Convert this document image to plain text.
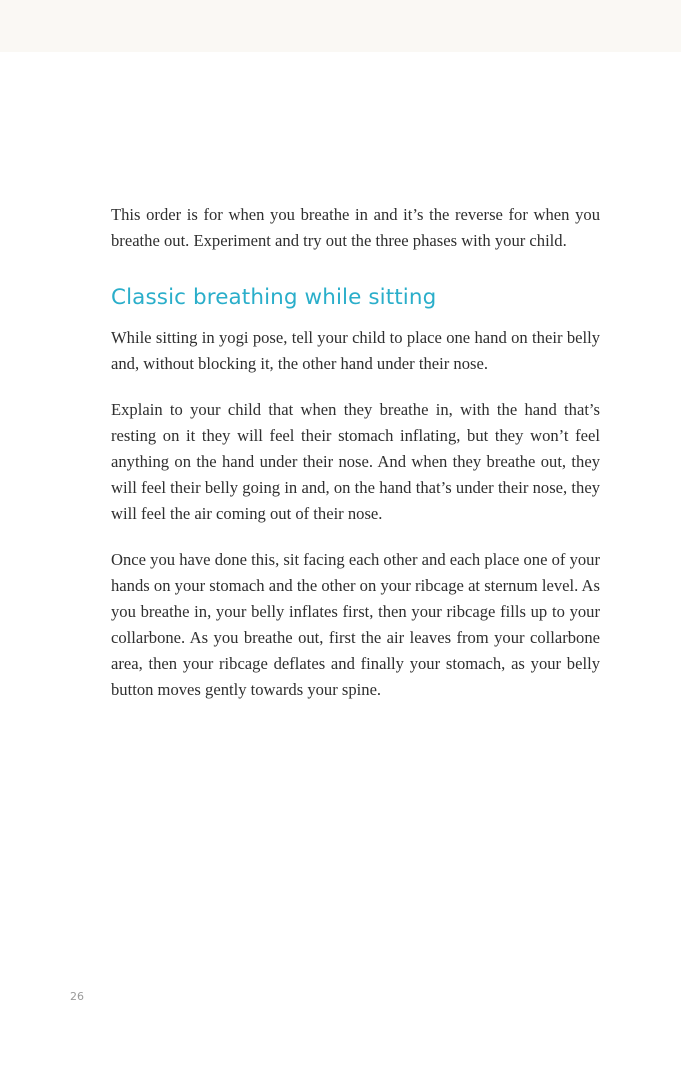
This order is for when you breathe in and it’s the reverse for when you breathe out. Experiment and try out the three phases with your child.

Classic breathing while sitting

While sitting in yogi pose, tell your child to place one hand on their belly and, without blocking it, the other hand under their nose.

Explain to your child that when they breathe in, with the hand that’s resting on it they will feel their stomach inflating, but they won’t feel anything on the hand under their nose. And when they breathe out, they will feel their belly going in and, on the hand that’s under their nose, they will feel the air coming out of their nose.

Once you have done this, sit facing each other and each place one of your hands on your stomach and the other on your ribcage at sternum level. As you breathe in, your belly inflates first, then your ribcage fills up to your collarbone. As you breathe out, first the air leaves from your collarbone area, then your ribcage deflates and finally your stomach, as your belly button moves gently towards your spine.

26
